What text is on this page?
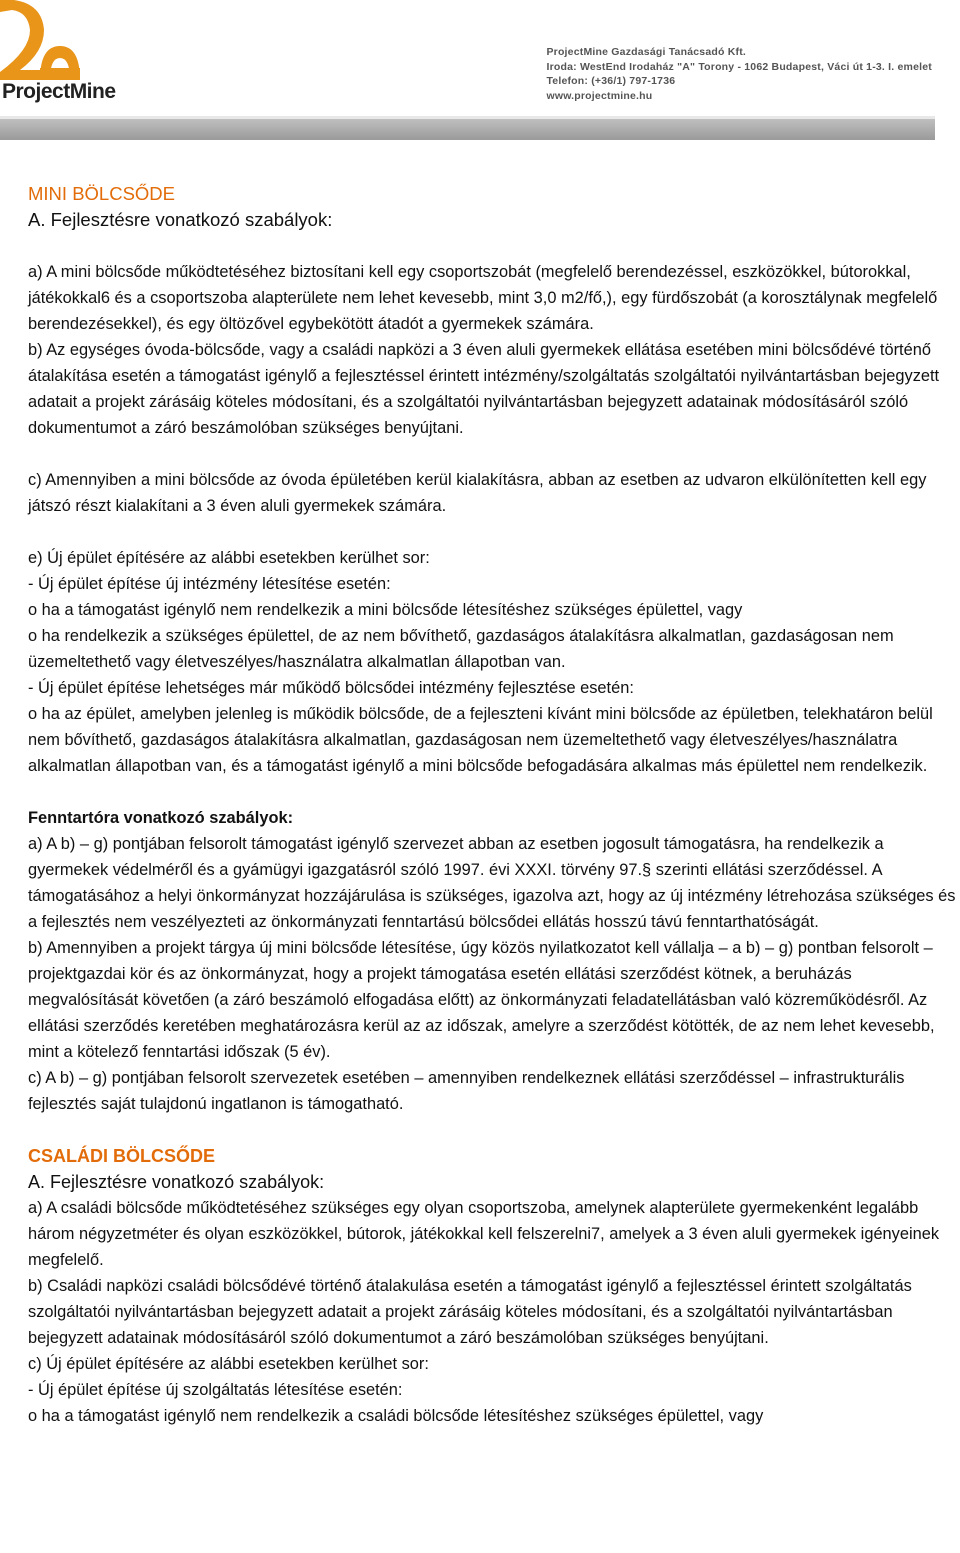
ProjectMine
ProjectMine Gazdasági Tanácsadó Kft.
Iroda: WestEnd Irodaház "A" Torony - 1062 Budapest, Váci út 1-3. I. emelet
Telefon: (+36/1) 797-1736
www.projectmine.hu

MINI BÖLCSŐDE

A. Fejlesztésre vonatkozó szabályok:

a) A mini bölcsőde működtetéséhez biztosítani kell egy csoportszobát (megfelelő berendezéssel, eszközökkel, bútorokkal, játékokkal6 és a csoportszoba alapterülete nem lehet kevesebb, mint 3,0 m2/fő,), egy fürdőszobát (a korosztálynak megfelelő berendezésekkel), és egy öltözővel egybekötött átadót a gyermekek számára.

b) Az egységes óvoda-bölcsőde, vagy a családi napközi a 3 éven aluli gyermekek ellátása esetében mini bölcsődévé történő átalakítása esetén a támogatást igénylő a fejlesztéssel érintett intézmény/szolgáltatás szolgáltatói nyilvántartásban bejegyzett adatait a projekt zárásáig köteles módosítani, és a szolgáltatói nyilvántartásban bejegyzett adatainak módosításáról szóló dokumentumot a záró beszámolóban szükséges benyújtani.

c) Amennyiben a mini bölcsőde az óvoda épületében kerül kialakításra, abban az esetben az udvaron elkülönítetten kell egy játszó részt kialakítani a 3 éven aluli gyermekek számára.

e) Új épület építésére az alábbi esetekben kerülhet sor:

- Új épület építése új intézmény létesítése esetén:

o ha a támogatást igénylő nem rendelkezik a mini bölcsőde létesítéshez szükséges épülettel, vagy

o ha rendelkezik a szükséges épülettel, de az nem bővíthető, gazdaságos átalakításra alkalmatlan, gazdaságosan nem üzemeltethető vagy életveszélyes/használatra alkalmatlan állapotban van.

- Új épület építése lehetséges már működő bölcsődei intézmény fejlesztése esetén:

o ha az épület, amelyben jelenleg is működik bölcsőde, de a fejleszteni kívánt mini bölcsőde az épületben, telekhatáron belül nem bővíthető, gazdaságos átalakításra alkalmatlan, gazdaságosan nem üzemeltethető vagy életveszélyes/használatra alkalmatlan állapotban van, és a támogatást igénylő a mini bölcsőde befogadására alkalmas más épülettel nem rendelkezik.

Fenntartóra vonatkozó szabályok:

a) A b) – g) pontjában felsorolt támogatást igénylő szervezet abban az esetben jogosult támogatásra, ha rendelkezik a gyermekek védelméről és a gyámügyi igazgatásról szóló 1997. évi XXXI. törvény 97.§ szerinti ellátási szerződéssel. A támogatásához a helyi önkormányzat hozzájárulása is szükséges, igazolva azt, hogy az új intézmény létrehozása szükséges és a fejlesztés nem veszélyezteti az önkormányzati fenntartású bölcsődei ellátás hosszú távú fenntarthatóságát.

b) Amennyiben a projekt tárgya új mini bölcsőde létesítése, úgy közös nyilatkozatot kell vállalja – a b) – g) pontban felsorolt – projektgazdai kör és az önkormányzat, hogy a projekt támogatása esetén ellátási szerződést kötnek, a beruházás megvalósítását követően (a záró beszámoló elfogadása előtt) az önkormányzati feladatellátásban való közreműködésről. Az ellátási szerződés keretében meghatározásra kerül az az időszak, amelyre a szerződést kötötték, de az nem lehet kevesebb, mint a kötelező fenntartási időszak (5 év).

c) A b) – g) pontjában felsorolt szervezetek esetében – amennyiben rendelkeznek ellátási szerződéssel – infrastrukturális fejlesztés saját tulajdonú ingatlanon is támogatható.

CSALÁDI BÖLCSŐDE

A. Fejlesztésre vonatkozó szabályok:

a) A családi bölcsőde működtetéséhez szükséges egy olyan csoportszoba, amelynek alapterülete gyermekenként legalább három négyzetméter és olyan eszközökkel, bútorok, játékokkal kell felszerelni7, amelyek a 3 éven aluli gyermekek igényeinek megfelelő.

b) Családi napközi családi bölcsődévé történő átalakulása esetén a támogatást igénylő a fejlesztéssel érintett szolgáltatás szolgáltatói nyilvántartásban bejegyzett adatait a projekt zárásáig köteles módosítani, és a szolgáltatói nyilvántartásban bejegyzett adatainak módosításáról szóló dokumentumot a záró beszámolóban szükséges benyújtani.

c) Új épület építésére az alábbi esetekben kerülhet sor:

- Új épület építése új szolgáltatás létesítése esetén:

o ha a támogatást igénylő nem rendelkezik a családi bölcsőde létesítéshez szükséges épülettel, vagy
